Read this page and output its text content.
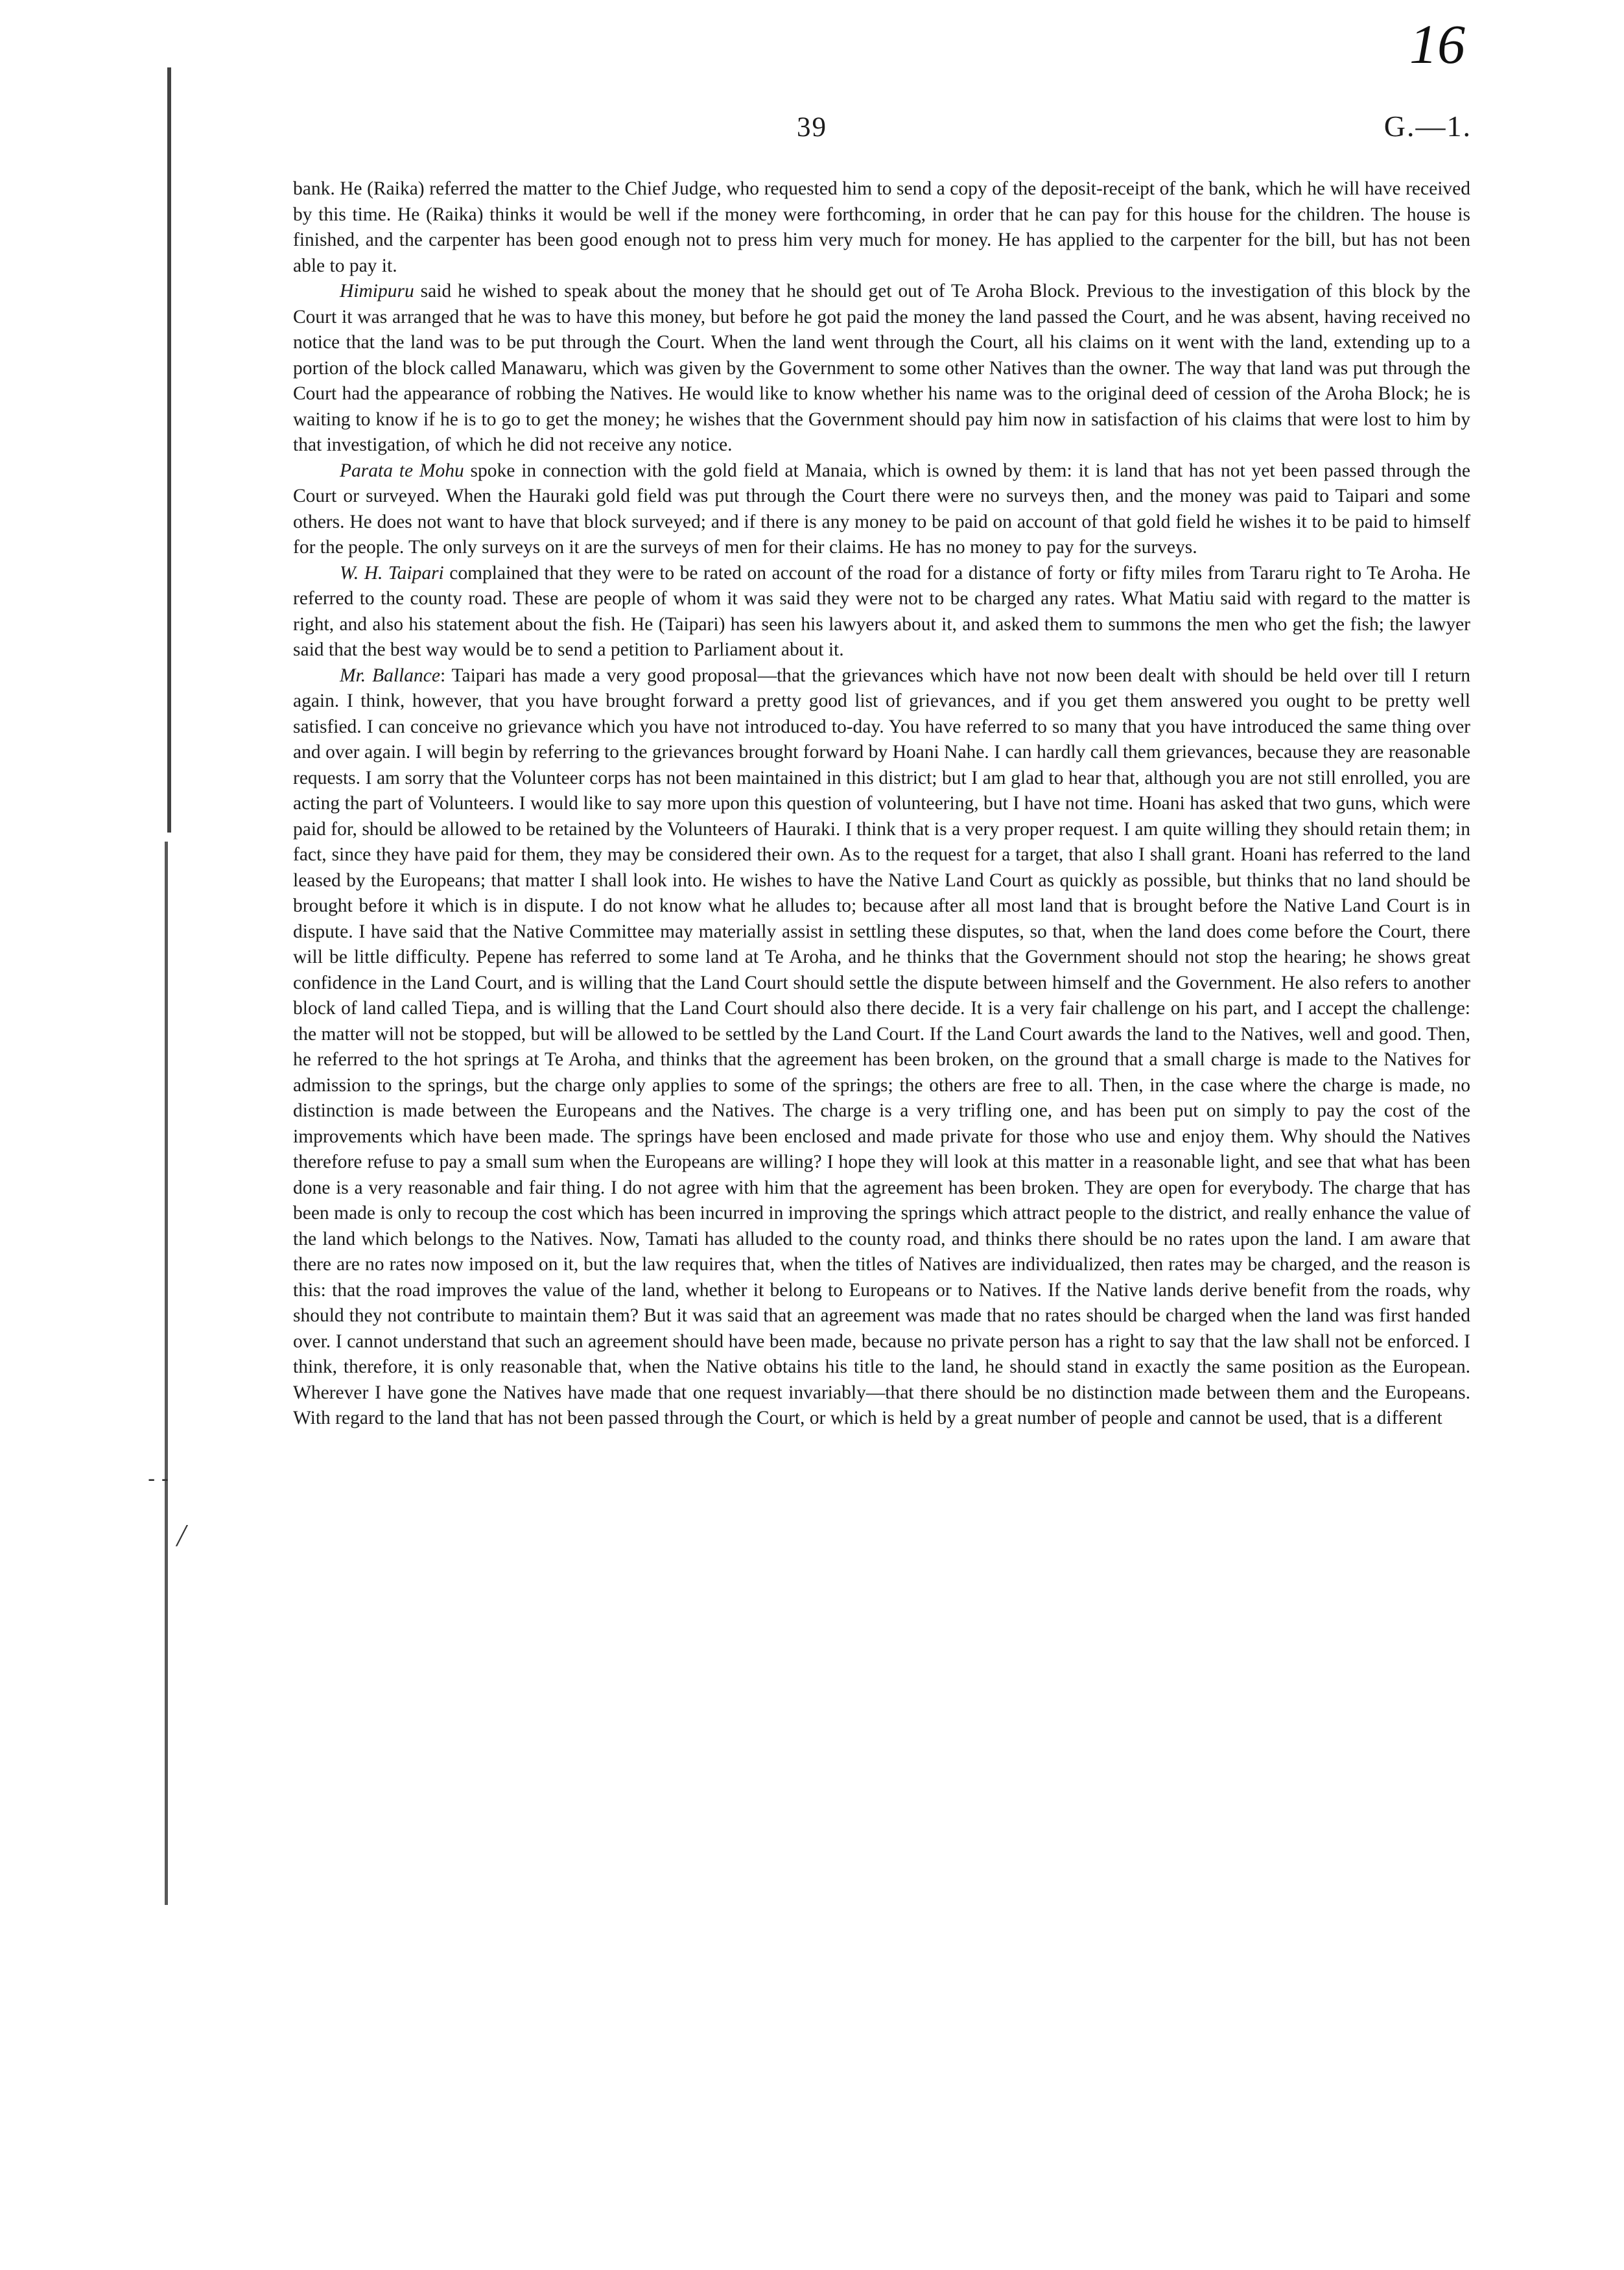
- -
╱
16
39	G.—1.

bank. He (Raika) referred the matter to the Chief Judge, who requested him to send a copy of the deposit-receipt of the bank, which he will have received by this time. He (Raika) thinks it would be well if the money were forthcoming, in order that he can pay for this house for the children. The house is finished, and the carpenter has been good enough not to press him very much for money. He has applied to the carpenter for the bill, but has not been able to pay it.

Himipuru said he wished to speak about the money that he should get out of Te Aroha Block. Previous to the investigation of this block by the Court it was arranged that he was to have this money, but before he got paid the money the land passed the Court, and he was absent, having received no notice that the land was to be put through the Court. When the land went through the Court, all his claims on it went with the land, extending up to a portion of the block called Manawaru, which was given by the Government to some other Natives than the owner. The way that land was put through the Court had the appearance of robbing the Natives. He would like to know whether his name was to the original deed of cession of the Aroha Block; he is waiting to know if he is to go to get the money; he wishes that the Government should pay him now in satisfaction of his claims that were lost to him by that investigation, of which he did not receive any notice.

Parata te Mohu spoke in connection with the gold field at Manaia, which is owned by them: it is land that has not yet been passed through the Court or surveyed. When the Hauraki gold field was put through the Court there were no surveys then, and the money was paid to Taipari and some others. He does not want to have that block surveyed; and if there is any money to be paid on account of that gold field he wishes it to be paid to himself for the people. The only surveys on it are the surveys of men for their claims. He has no money to pay for the surveys.

W. H. Taipari complained that they were to be rated on account of the road for a distance of forty or fifty miles from Tararu right to Te Aroha. He referred to the county road. These are people of whom it was said they were not to be charged any rates. What Matiu said with regard to the matter is right, and also his statement about the fish. He (Taipari) has seen his lawyers about it, and asked them to summons the men who get the fish; the lawyer said that the best way would be to send a petition to Parliament about it.

Mr. Ballance: Taipari has made a very good proposal—that the grievances which have not now been dealt with should be held over till I return again. I think, however, that you have brought forward a pretty good list of grievances, and if you get them answered you ought to be pretty well satisfied. I can conceive no grievance which you have not introduced to-day. You have referred to so many that you have introduced the same thing over and over again. I will begin by referring to the grievances brought forward by Hoani Nahe. I can hardly call them grievances, because they are reasonable requests. I am sorry that the Volunteer corps has not been maintained in this district; but I am glad to hear that, although you are not still enrolled, you are acting the part of Volunteers. I would like to say more upon this question of volunteering, but I have not time. Hoani has asked that two guns, which were paid for, should be allowed to be retained by the Volunteers of Hauraki. I think that is a very proper request. I am quite willing they should retain them; in fact, since they have paid for them, they may be considered their own. As to the request for a target, that also I shall grant. Hoani has referred to the land leased by the Europeans; that matter I shall look into. He wishes to have the Native Land Court as quickly as possible, but thinks that no land should be brought before it which is in dispute. I do not know what he alludes to; because after all most land that is brought before the Native Land Court is in dispute. I have said that the Native Committee may materially assist in settling these disputes, so that, when the land does come before the Court, there will be little difficulty. Pepene has referred to some land at Te Aroha, and he thinks that the Government should not stop the hearing; he shows great confidence in the Land Court, and is willing that the Land Court should settle the dispute between himself and the Government. He also refers to another block of land called Tiepa, and is willing that the Land Court should also there decide. It is a very fair challenge on his part, and I accept the challenge: the matter will not be stopped, but will be allowed to be settled by the Land Court. If the Land Court awards the land to the Natives, well and good. Then, he referred to the hot springs at Te Aroha, and thinks that the agreement has been broken, on the ground that a small charge is made to the Natives for admission to the springs, but the charge only applies to some of the springs; the others are free to all. Then, in the case where the charge is made, no distinction is made between the Europeans and the Natives. The charge is a very trifling one, and has been put on simply to pay the cost of the improvements which have been made. The springs have been enclosed and made private for those who use and enjoy them. Why should the Natives therefore refuse to pay a small sum when the Europeans are willing? I hope they will look at this matter in a reasonable light, and see that what has been done is a very reasonable and fair thing. I do not agree with him that the agreement has been broken. They are open for everybody. The charge that has been made is only to recoup the cost which has been incurred in improving the springs which attract people to the district, and really enhance the value of the land which belongs to the Natives. Now, Tamati has alluded to the county road, and thinks there should be no rates upon the land. I am aware that there are no rates now imposed on it, but the law requires that, when the titles of Natives are individualized, then rates may be charged, and the reason is this: that the road improves the value of the land, whether it belong to Europeans or to Natives. If the Native lands derive benefit from the roads, why should they not contribute to maintain them? But it was said that an agreement was made that no rates should be charged when the land was first handed over. I cannot understand that such an agreement should have been made, because no private person has a right to say that the law shall not be enforced. I think, therefore, it is only reasonable that, when the Native obtains his title to the land, he should stand in exactly the same position as the European. Wherever I have gone the Natives have made that one request invariably—that there should be no distinction made between them and the Europeans. With regard to the land that has not been passed through the Court, or which is held by a great number of people and cannot be used, that is a different
